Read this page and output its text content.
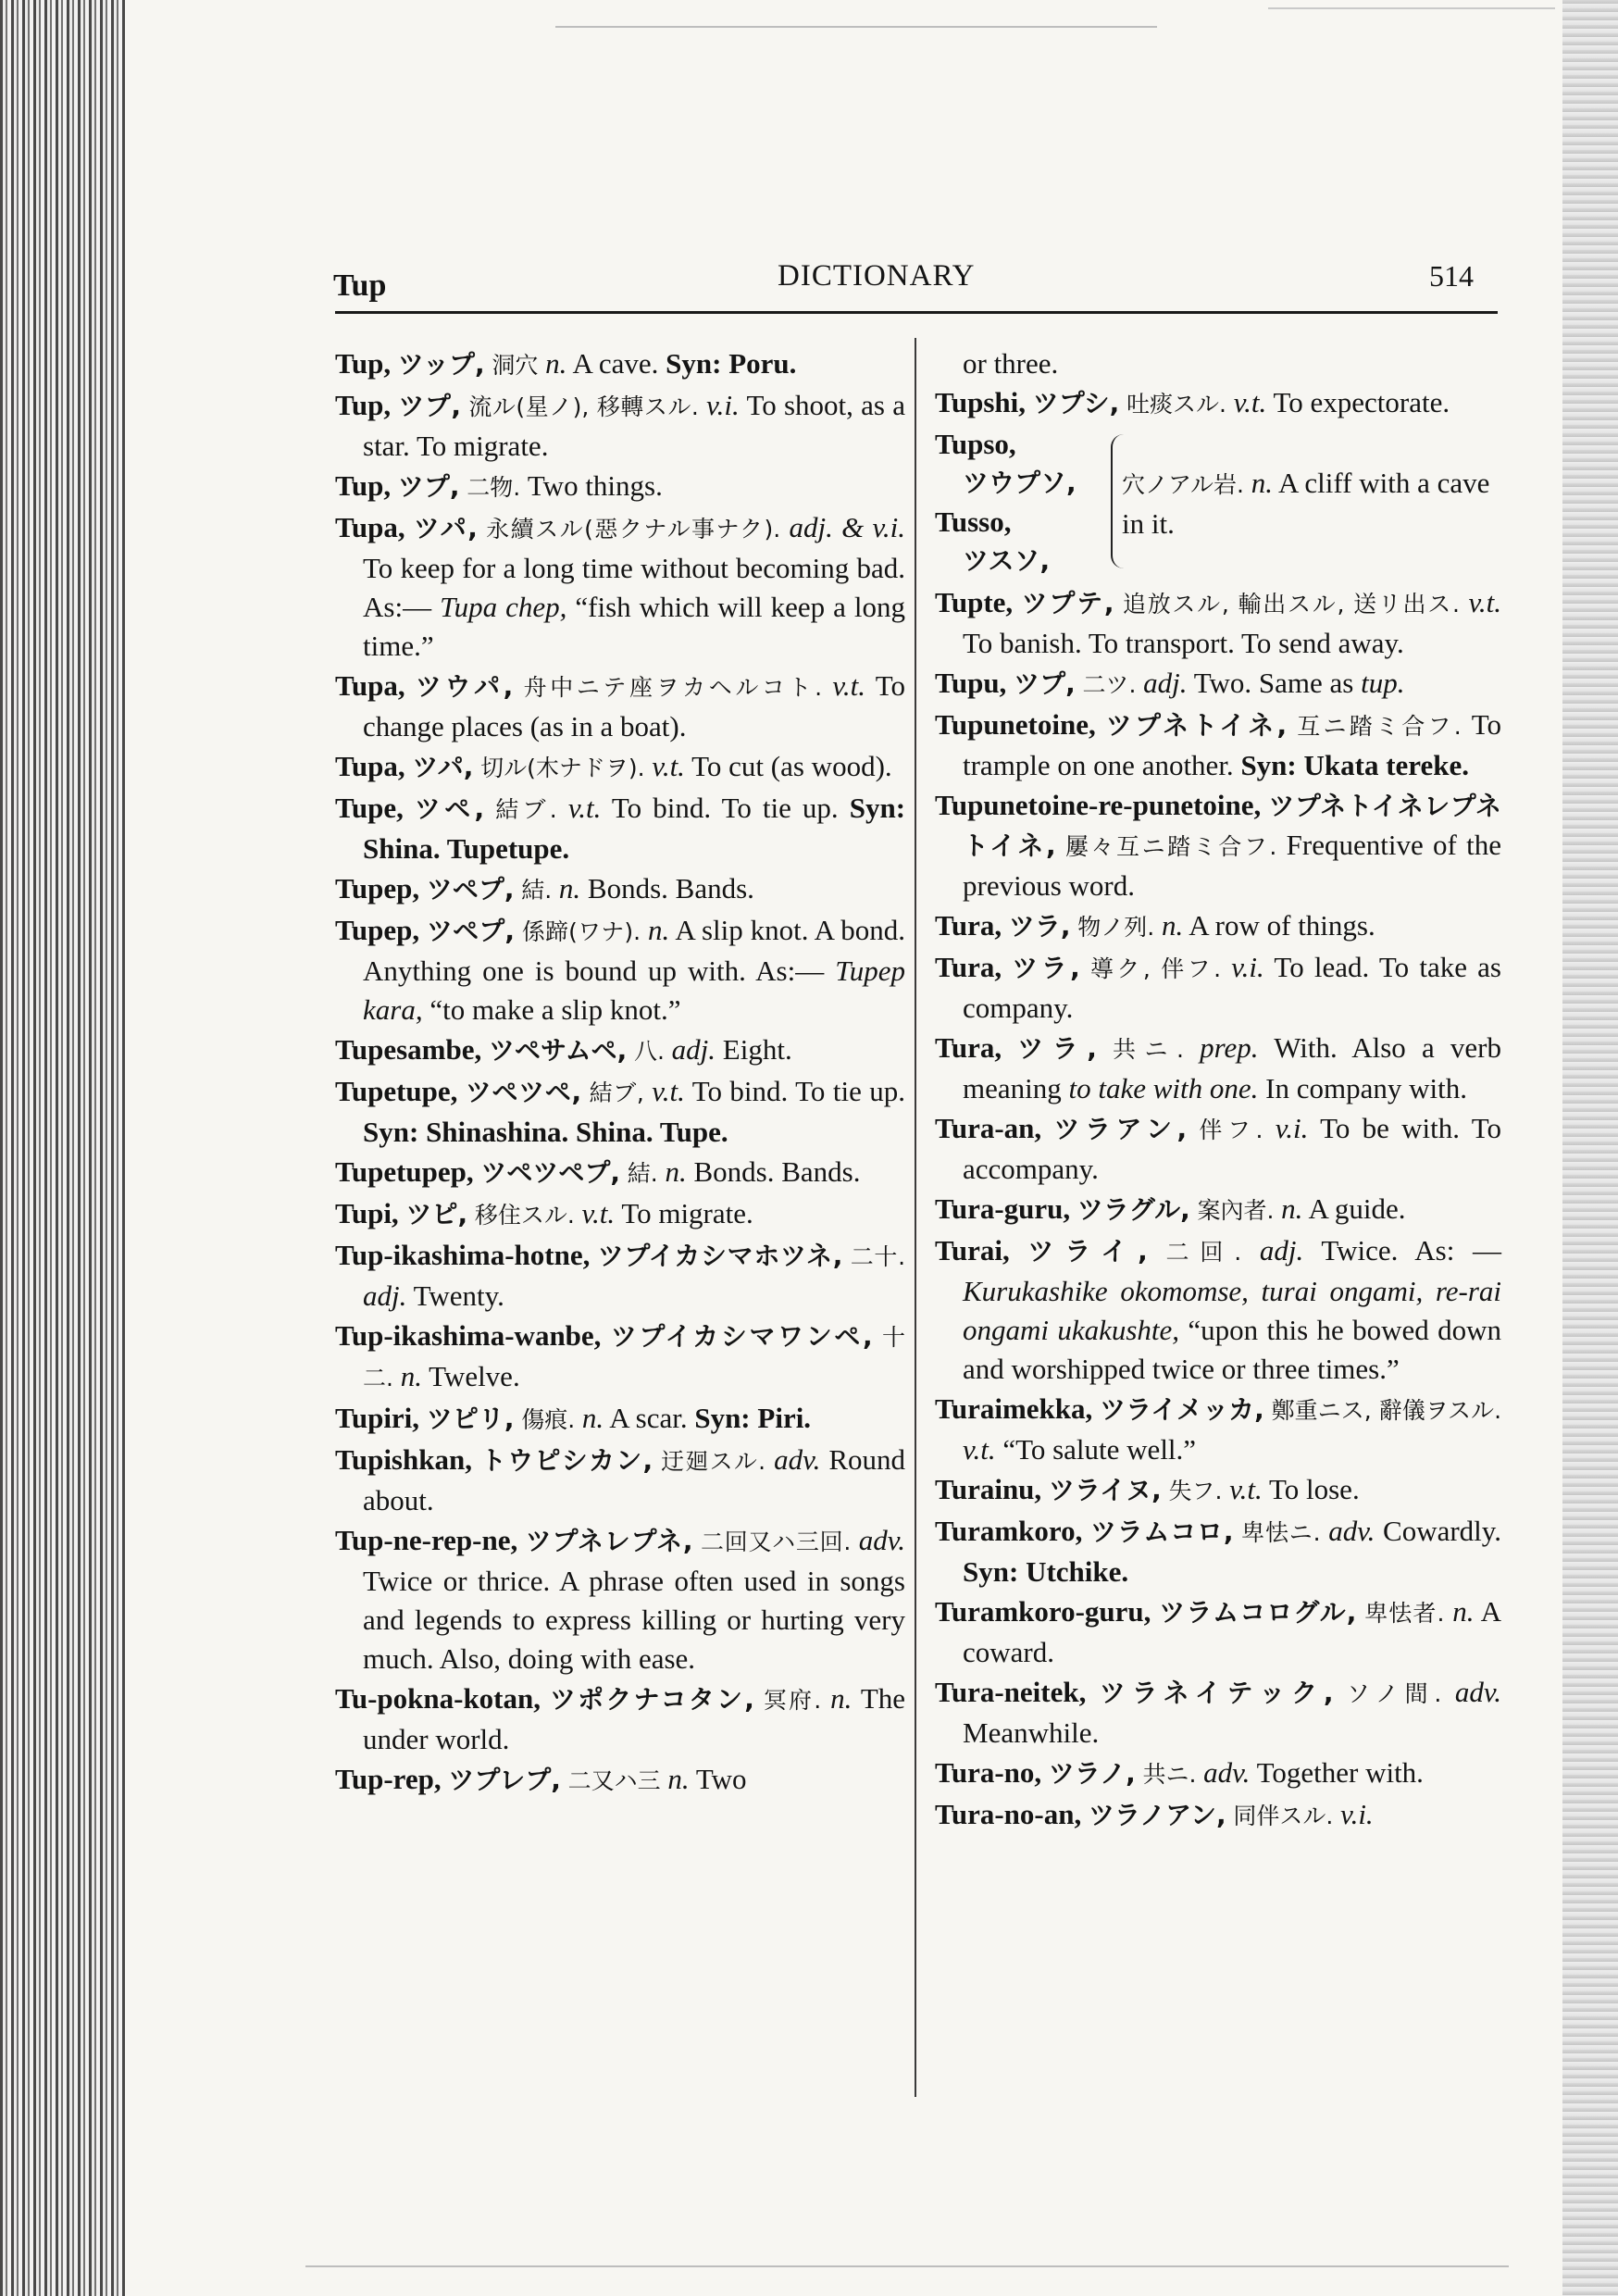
Tup	DICTIONARY	514
Tup, ツップ, 洞穴 n. A cave. Syn: Poru.
Tup, ツプ, 流ル(星ノ), 移轉スル. v.i. To shoot, as a star. To migrate.
Tup, ツプ, 二物. Two things.
Tupa, ツパ, 永續スル(惡クナル事ナク). adj. & v.i. To keep for a long time without becoming bad. As:— Tupa chep, “fish which will keep a long time.”
Tupa, ツウパ, 舟中ニテ座ヲカヘルコト. v.t. To change places (as in a boat).
Tupa, ツパ, 切ル(木ナドヲ). v.t. To cut (as wood).
Tupe, ツペ, 結ブ. v.t. To bind. To tie up. Syn: Shina. Tupetupe.
Tupep, ツペプ, 結. n. Bonds. Bands.
Tupep, ツペプ, 係蹄(ワナ). n. A slip knot. A bond. Anything one is bound up with. As:— Tupep kara, “to make a slip knot.”
Tupesambe, ツペサムペ, 八. adj. Eight.
Tupetupe, ツペツペ, 結ブ, v.t. To bind. To tie up. Syn: Shinashina. Shina. Tupe.
Tupetupep, ツペツペプ, 結. n. Bonds. Bands.
Tupi, ツピ, 移住スル. v.t. To migrate.
Tup-ikashima-hotne, ツプイカシマホツネ, 二十. adj. Twenty.
Tup-ikashima-wanbe, ツプイカシマワンペ, 十二. n. Twelve.
Tupiri, ツピリ, 傷痕. n. A scar. Syn: Piri.
Tupishkan, トウピシカン, 迂廻スル. adv. Round about.
Tup-ne-rep-ne, ツプネレプネ, 二回又ハ三回. adv. Twice or thrice. A phrase often used in songs and legends to express killing or hurting very much. Also, doing with ease.
Tu-pokna-kotan, ツポクナコタン, 冥府. n. The under world.
Tup-rep, ツプレプ, 二又ハ三 n. Two
or three.
Tupshi, ツプシ, 吐痰スル. v.t. To expectorate.
Tupso,
ツウプソ,
Tusso,
ツスソ,
穴ノアル岩. n. A cliff with a cave in it.
Tupte, ツプテ, 追放スル, 輸出スル, 送リ出ス. v.t. To banish. To transport. To send away.
Tupu, ツプ, 二ツ. adj. Two. Same as tup.
Tupunetoine, ツプネトイネ, 互ニ踏ミ合フ. To trample on one another. Syn: Ukata tereke.
Tupunetoine-re-punetoine, ツプネトイネレプネトイネ, 屢々互ニ踏ミ合フ. Frequentive of the previous word.
Tura, ツラ, 物ノ列. n. A row of things.
Tura, ツラ, 導ク, 伴フ. v.i. To lead. To take as company.
Tura, ツラ, 共ニ. prep. With. Also a verb meaning to take with one. In company with.
Tura-an, ツラアン, 伴フ. v.i. To be with. To accompany.
Tura-guru, ツラグル, 案內者. n. A guide.
Turai, ツライ, 二回. adj. Twice. As: — Kurukashike okomomse, turai ongami, re-rai ongami ukakushte, “upon this he bowed down and worshipped twice or three times.”
Turaimekka, ツライメッカ, 鄭重ニス, 辭儀ヲスル. v.t. “To salute well.”
Turainu, ツライヌ, 失フ. v.t. To lose.
Turamkoro, ツラムコロ, 卑怯ニ. adv. Cowardly. Syn: Utchike.
Turamkoro-guru, ツラムコログル, 卑怯者. n. A coward.
Tura-neitek, ツラネイテック, ソノ間. adv. Meanwhile.
Tura-no, ツラノ, 共ニ. adv. Together with.
Tura-no-an, ツラノアン, 同伴スル. v.i.
